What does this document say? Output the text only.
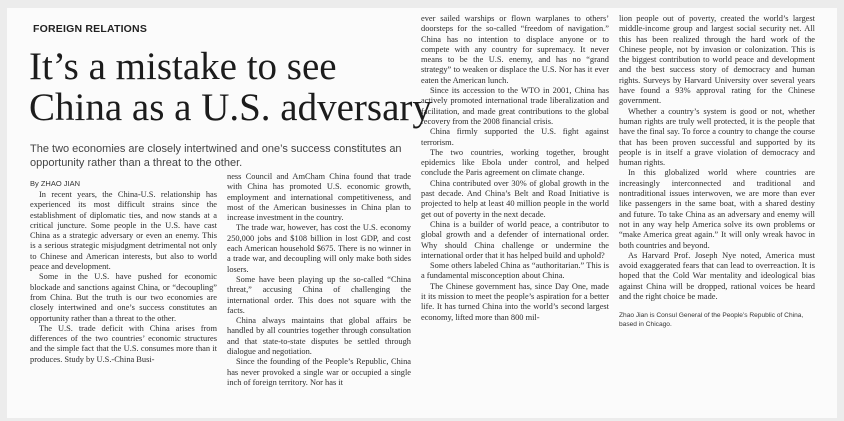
FOREIGN RELATIONS
It’s a mistake to see
China as a U.S. adversary
The two economies are closely intertwined and one’s success constitutes an opportunity rather than a threat to the other.
By ZHAO JIAN

In recent years, the China-U.S. relationship has experienced its most difficult strains since the establishment of diplomatic ties, and now stands at a critical juncture. Some people in the U.S. have cast China as a strategic adversary or even an enemy. This is a serious strategic misjudgment detrimental not only to Chinese and American interests, but also to world peace and development.

Some in the U.S. have pushed for economic blockade and sanctions against China, or “decoupling” from China. But the truth is our two economies are closely intertwined and one’s success constitutes an opportunity rather than a threat to the other.

The U.S. trade deficit with China arises from differences of the two countries’ economic structures and the simple fact that the U.S. consumes more than it produces. Study by U.S.-China Busi-

ness Council and AmCham China found that trade with China has promoted U.S. economic growth, employment and international competitiveness, and most of the American businesses in China plan to increase investment in the country.

The trade war, however, has cost the U.S. economy 250,000 jobs and $108 billion in lost GDP, and cost each American household $675. There is no winner in a trade war, and decoupling will only make both sides losers.

Some have been playing up the so-called “China threat,” accusing China of challenging the international order. This does not square with the facts.

China always maintains that global affairs be handled by all countries together through consultation and that state-to-state disputes be settled through dialogue and negotiation.

Since the founding of the People’s Republic, China has never provoked a single war or occupied a single inch of foreign territory. Nor has it

ever sailed warships or flown warplanes to others’ doorsteps for the so-called “freedom of navigation.” China has no intention to displace anyone or to compete with any country for supremacy. It never means to be the U.S. enemy, and has no “grand strategy” to weaken or displace the U.S. Nor has it ever eaten the American lunch.

Since its accession to the WTO in 2001, China has actively promoted international trade liberalization and facilitation, and made great contributions to the global recovery from the 2008 financial crisis.

China firmly supported the U.S. fight against terrorism.

The two countries, working together, brought epidemics like Ebola under control, and helped conclude the Paris agreement on climate change.

China contributed over 30% of global growth in the past decade. And China’s Belt and Road Initiative is projected to help at least 40 million people in the world get out of poverty in the next decade.

China is a builder of world peace, a contributor to global growth and a defender of international order. Why should China challenge or undermine the international order that it has helped build and uphold?

Some others labeled China as “authoritarian.” This is a fundamental misconception about China.

The Chinese government has, since Day One, made it its mission to meet the people’s aspiration for a better life. It has turned China into the world’s second largest economy, lifted more than 800 mil-

lion people out of poverty, created the world’s largest middle-income group and largest social security net. All this has been realized through the hard work of the Chinese people, not by invasion or colonization. This is the biggest contribution to world peace and development and the best success story of democracy and human rights. Surveys by Harvard University over several years have found a 93% approval rating for the Chinese government.

Whether a country’s system is good or not, whether human rights are truly well protected, it is the people that have the final say. To force a country to change the course that has been proven successful and supported by its people is in itself a grave violation of democracy and human rights.

In this globalized world where countries are increasingly interconnected and traditional and nontraditional issues interwoven, we are more than ever like passengers in the same boat, with a shared destiny and future. To take China as an adversary and enemy will not in any way help America solve its own problems or “make America great again.” It will only wreak havoc in both countries and beyond.

As Harvard Prof. Joseph Nye noted, America must avoid exaggerated fears that can lead to overreaction. It is hoped that the Cold War mentality and ideological bias against China will be dropped, rational voices be heard and the right choice be made.

Zhao Jian is Consul General of the People’s Republic of China, based in Chicago.
